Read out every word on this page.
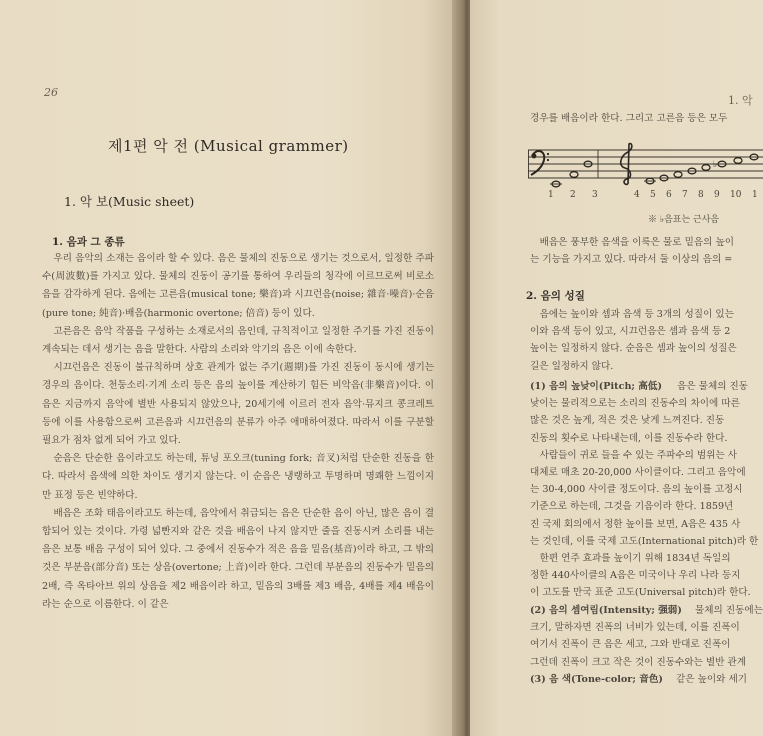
26
제1편 악 전 (Musical grammer)
1. 악 보(Music sheet)
1. 음과 그 종류

우리 음악의 소재는 음이라 할 수 있다. 음은 물체의 진동으로 생기는 것으로서, 일정한 주파수(周波數)를 가지고 있다. 물체의 진동이 공기를 통하여 우리들의 청각에 이르므로써 비로소 음을 감각하게 된다. 음에는 고른음(musical tone; 樂音)과 시끄런음(noise; 雜音·噪音)·순음(pure tone; 純音)·배음(harmonic overtone; 倍音) 등이 있다.

고른음은 음악 작품을 구성하는 소재로서의 음인데, 규칙적이고 일정한 주기를 가진 진동이 계속되는 데서 생기는 음을 말한다. 사람의 소리와 악기의 음은 이에 속한다.

시끄런음은 진동이 불규칙하며 상호 관계가 없는 주기(週期)를 가진 진동이 동시에 생기는 경우의 음이다. 천둥소리·기계 소리 등은 음의 높이를 계산하기 힘든 비악음(非樂音)이다. 이 음은 지금까지 음악에 별반 사용되지 않았으나, 20세기에 이르러 전자 음악·뮤지크 콩크레트 등에 이를 사용함으로써 고른음과 시끄런음의 분류가 아주 애매하여졌다. 따라서 이를 구분할 필요가 점차 없게 되어 가고 있다.

순음은 단순한 음이라고도 하는데, 튜닝 포오크(tuning fork; 音叉)처럼 단순한 진동을 한다. 따라서 음색에 의한 차이도 생기지 않는다. 이 순음은 냉랭하고 투명하며 명쾌한 느낌이지만 표정 등은 빈약하다.

배음은 조화 태음이라고도 하는데, 음악에서 취급되는 음은 단순한 음이 아닌, 많은 음이 결합되어 있는 것이다. 가령 넓빤지와 같은 것을 배음이 나지 않지만 줄을 진동시켜 소리를 내는 음은 보통 배음 구성이 되어 있다. 그 중에서 진동수가 적은 음을 밑음(基音)이라 하고, 그 밖의 것은 부분음(部分音) 또는 상음(overtone; 上音)이라 한다. 그런데 부분음의 진동수가 밑음의 2배, 즉 옥타아브 위의 상음을 제2 배음이라 하고, 밑음의 3배를 제3 배음, 4배를 제4 배음이라는 순으로 이름한다. 이 같은

1. 악

경우를 배음이라 한다. 그리고 고른음 등은 모두

♭
1 2 3	4 5 6 7 8 9 10 1
※ ♭음표는 근사음

배음은 풍부한 음색을 이룩은 물로 밑음의 높이

는 기능을 가지고 있다. 따라서 둘 이상의 음의 =

2. 음의 성질

음에는 높이와 셈과 음색 등 3개의 성질이 있는

이와 음색 등이 있고, 시끄런음은 셈과 음색 등 2

높이는 일정하지 않다. 순음은 셈과 높이의 성질은

길은 일정하지 않다.

(1) 음의 높낮이(Pitch; 高低) 음은 물체의 진동

낮이는 물리적으로는 소리의 진동수의 차이에 따른

많은 것은 높게, 적은 것은 낮게 느껴진다. 진동

진동의 횟수로 나타내는데, 이를 진동수라 한다.

사람들이 귀로 들을 수 있는 주파수의 범위는 사

대체로 매초 20-20,000 사이클이다. 그리고 음악에

는 30-4,000 사이클 정도이다. 음의 높이를 고정시

기준으로 하는데, 그것을 기음이라 한다. 1859년

진 국제 회의에서 정한 높이를 보면, A음은 435 사

는 것인데, 이를 국제 고도(International pitch)라 한

한편 연주 효과를 높이기 위해 1834년 독일의

정한 440사이클의 A음은 미국이나 우리 나라 등지

이 고도를 만국 표준 고도(Universal pitch)라 한다.

(2) 음의 셈여림(Intensity; 强弱) 물체의 진동에는

크기, 말하자면 진폭의 너비가 있는데, 이를 진폭이

여기서 진폭이 큰 음은 세고, 그와 반대로 진폭이

그런데 진폭이 크고 작은 것이 진동수와는 별반 관계

(3) 음 색(Tone-color; 音色) 같은 높이와 세기
